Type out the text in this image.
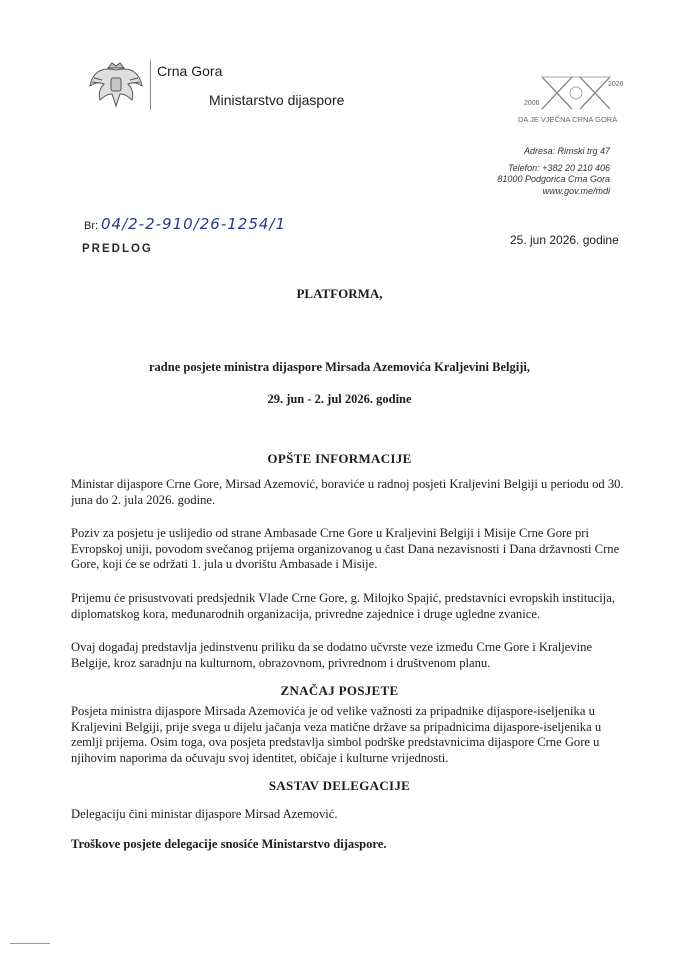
Crna Gora
Ministarstvo dijaspore	2006
2026
DA JE VJEČNA CRNA GORA
Adresa: Rimski trg 47
Telefon: +382 20 210 406
81000 Podgorica Crna Gora
www.gov.me/mdi
Br: 04/2-2-910/26-1254/1
PREDLOG
25. jun 2026. godine
PLATFORMA,
radne posjete ministra dijaspore Mirsada Azemovića Kraljevini Belgiji,
29. jun - 2. jul 2026. godine
OPŠTE INFORMACIJE
Ministar dijaspore Crne Gore, Mirsad Azemović, boraviće u radnoj posjeti Kraljevini Belgiji u periodu od 30. juna do 2. jula 2026. godine.
Poziv za posjetu je uslijedio od strane Ambasade Crne Gore u Kraljevini Belgiji i Misije Crne Gore pri Evropskoj uniji, povodom svečanog prijema organizovanog u čast Dana nezavisnosti i Dana državnosti Crne Gore, koji će se održati 1. jula u dvorištu Ambasade i Misije.
Prijemu će prisustvovati predsjednik Vlade Crne Gore, g. Milojko Spajić, predstavnici evropskih institucija, diplomatskog kora, međunarodnih organizacija, privredne zajednice i druge ugledne zvanice.
Ovaj događaj predstavlja jedinstvenu priliku da se dodatno učvrste veze između Crne Gore i Kraljevine Belgije, kroz saradnju na kulturnom, obrazovnom, privrednom i društvenom planu.
ZNAČAJ POSJETE
Posjeta ministra dijaspore Mirsada Azemovića je od velike važnosti za pripadnike dijaspore-iseljenika u Kraljevini Belgiji, prije svega u dijelu jačanja veza matične države sa pripadnicima dijaspore-iseljenika u zemlji prijema. Osim toga, ova posjeta predstavlja simbol podrške predstavnicima dijaspore Crne Gore u njihovim naporima da očuvaju svoj identitet, običaje i kulturne vrijednosti.
SASTAV DELEGACIJE
Delegaciju čini ministar dijaspore Mirsad Azemović.
Troškove posjete delegacije snosiće Ministarstvo dijaspore.
